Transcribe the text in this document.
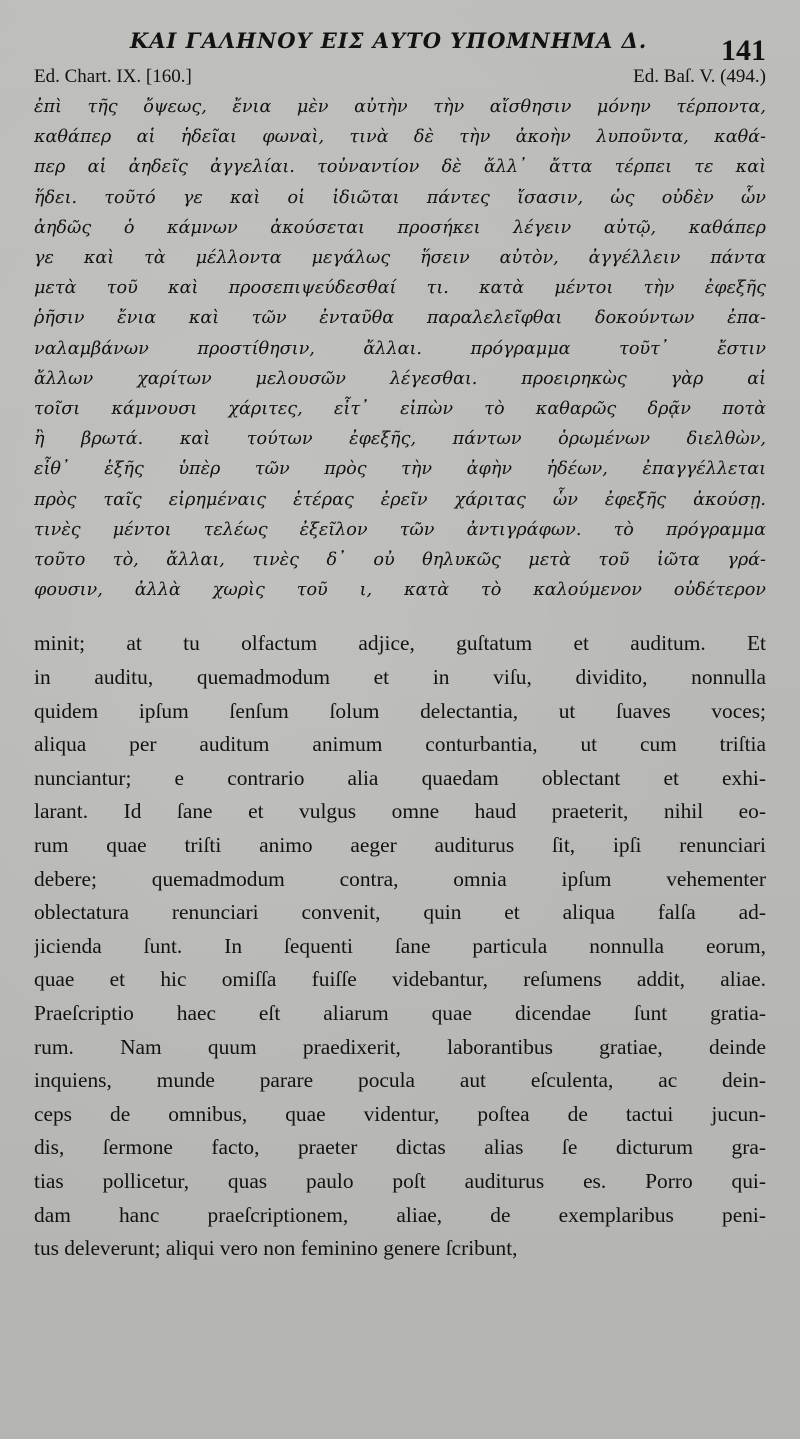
ΚΑΙ ΓΑΛΗΝΟΥ ΕΙΣ ΑΥΤΟ ΥΠΟΜΝΗΜΑ Δ. 141
Ed. Chart. IX. [160.]	Ed. Baſ. V. (494.)
ἐπὶ τῆς ὄψεως, ἔνια μὲν αὐτὴν τὴν αἴσθησιν μόνην τέρποντα,
καθάπερ αἱ ἡδεῖαι φωναὶ, τινὰ δὲ τὴν ἀκοὴν λυποῦντα, καθά-
περ αἱ ἀηδεῖς ἀγγελίαι. τοὐναντίον δὲ ἄλλ᾽ ἄττα τέρπει τε καὶ
ἥδει. τοῦτό γε καὶ οἱ ἰδιῶται πάντες ἴσασιν, ὡς οὐδὲν ὧν
ἀηδῶς ὁ κάμνων ἀκούσεται προσήκει λέγειν αὐτῷ, καθάπερ
γε καὶ τὰ μέλλοντα μεγάλως ἥσειν αὐτὸν, ἀγγέλλειν πάντα
μετὰ τοῦ καὶ προσεπιψεύδεσθαί τι. κατὰ μέντοι τὴν ἐφεξῆς
ῥῆσιν ἔνια καὶ τῶν ἐνταῦθα παραλελεῖφθαι δοκούντων ἐπα-
ναλαμβάνων προστίθησιν, ἄλλαι. πρόγραμμα τοῦτ᾽ ἔστιν
ἄλλων χαρίτων μελουσῶν λέγεσθαι. προειρηκὼς γὰρ αἱ
τοῖσι κάμνουσι χάριτες, εἶτ᾽ εἰπὼν τὸ καθαρῶς δρᾷν ποτὰ
ἢ βρωτά. καὶ τούτων ἐφεξῆς, πάντων ὁρωμένων διελθὼν,
εἶθ᾽ ἑξῆς ὑπὲρ τῶν πρὸς τὴν ἀφὴν ἡδέων, ἐπαγγέλλεται
πρὸς ταῖς εἰρημέναις ἑτέρας ἐρεῖν χάριτας ὧν ἐφεξῆς ἀκούσῃ.
τινὲς μέντοι τελέως ἐξεῖλον τῶν ἀντιγράφων. τὸ πρόγραμμα
τοῦτο τὸ, ἄλλαι, τινὲς δ᾽ οὐ θηλυκῶς μετὰ τοῦ ἰῶτα γρά-
φουσιν, ἀλλὰ χωρὶς τοῦ ι, κατὰ τὸ καλούμενον οὐδέτερον
minit; at tu olfactum adjice, guſtatum et auditum. Et
in auditu, quemadmodum et in viſu, dividito, nonnulla
quidem ipſum ſenſum ſolum delectantia, ut ſuaves voces;
aliqua per auditum animum conturbantia, ut cum triſtia
nunciantur; e contrario alia quaedam oblectant et exhi-
larant. Id ſane et vulgus omne haud praeterit, nihil eo-
rum quae triſti animo aeger auditurus ſit, ipſi renunciari
debere; quemadmodum contra, omnia ipſum vehementer
oblectatura renunciari convenit, quin et aliqua falſa ad-
jicienda ſunt. In ſequenti ſane particula nonnulla eorum,
quae et hic omiſſa fuiſſe videbantur, reſumens addit, aliae.
Praeſcriptio haec eſt aliarum quae dicendae ſunt gratia-
rum. Nam quum praedixerit, laborantibus gratiae, deinde
inquiens, munde parare pocula aut eſculenta, ac dein-
ceps de omnibus, quae videntur, poſtea de tactui jucun-
dis, ſermone facto, praeter dictas alias ſe dicturum gra-
tias pollicetur, quas paulo poſt auditurus es. Porro qui-
dam hanc praeſcriptionem, aliae, de exemplaribus peni-
tus deleverunt; aliqui vero non feminino genere ſcribunt,
